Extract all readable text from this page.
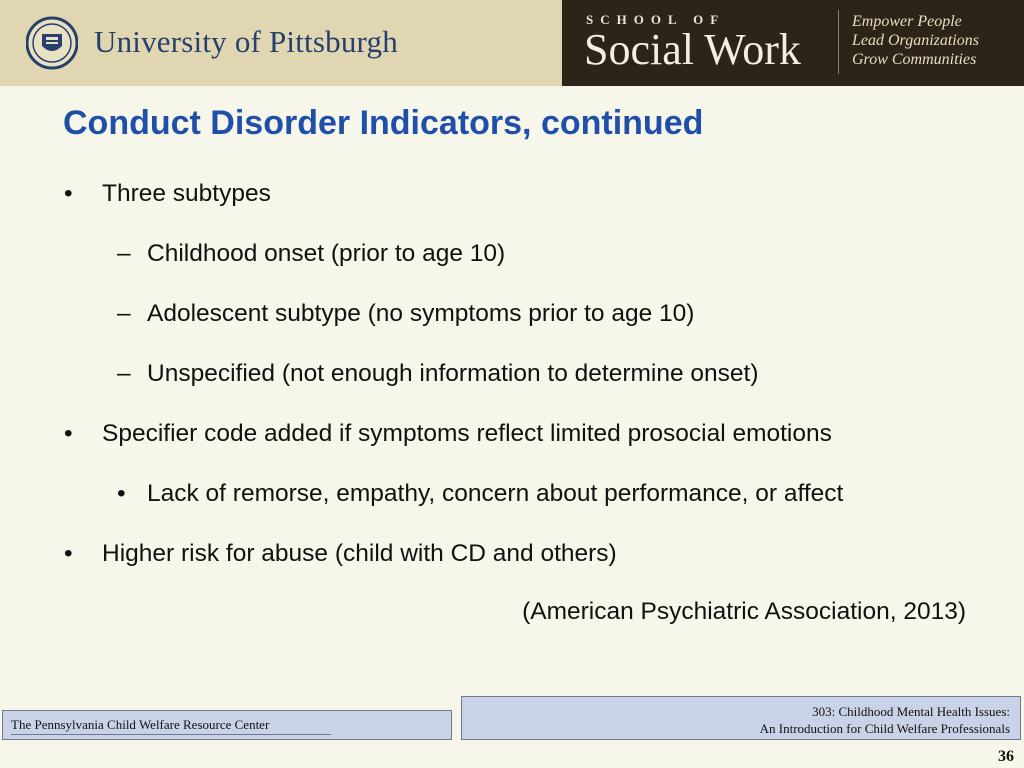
University of Pittsburgh
SCHOOL OF
Social Work
Empower People
Lead Organizations
Grow Communities
Conduct Disorder Indicators, continued
• Three subtypes
– Childhood onset (prior to age 10)
– Adolescent subtype (no symptoms prior to age 10)
– Unspecified (not enough information to determine onset)
• Specifier code added if symptoms reflect limited prosocial emotions
• Lack of remorse, empathy, concern about performance, or affect
• Higher risk for abuse (child with CD and others)
(American Psychiatric Association, 2013)
The Pennsylvania Child Welfare Resource Center
303: Childhood Mental Health Issues:
An Introduction for Child Welfare Professionals
36
